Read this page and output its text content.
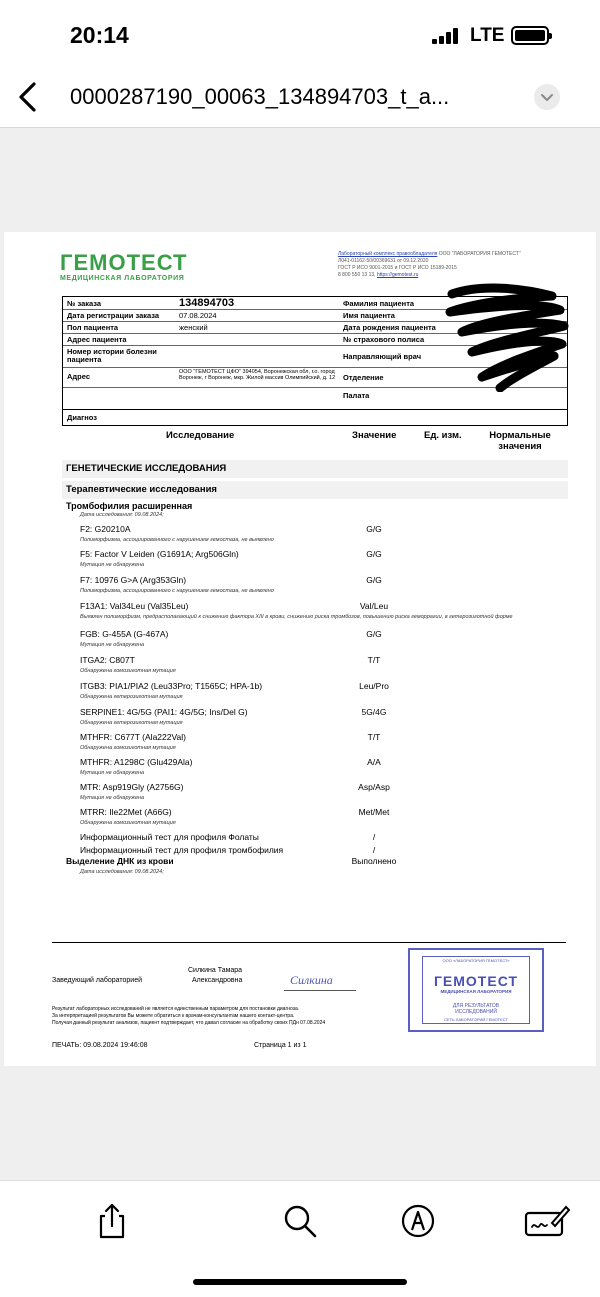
20:14	LTE
0000287190_00063_134894703_t_a...
ГЕМОТЕСТ
МЕДИЦИНСКАЯ ЛАБОРАТОРИЯ
Лабораторный комплекс правообладателя ООО "ЛАБОРАТОРИЯ ГЕМОТЕСТ"
Л041-01162-50/00369631 от 09.12.2020
ГОСТ Р ИСО 9001-2015 и ГОСТ Р ИСО 15189-2015
8 800 550 13 13, https://gemotest.ru
№ заказа	134894703
Дата регистрации заказа	07.08.2024
Пол пациента	женский
Адрес пациента
Номер истории болезни пациента
Адрес	ООО "ГЕМОТЕСТ ЦФО" 394054, Воронежская обл, г.о. город Воронеж, г Воронеж, мкр. Жилой массив Олимпийский, д. 12
Фамилия пациента
Имя пациента
Дата рождения пациента
№ страхового полиса
Направляющий врач
Отделение
Палата
Диагноз
Исследование	Значение	Ед. изм.	Нормальные значения
ГЕНЕТИЧЕСКИЕ ИССЛЕДОВАНИЯ
Терапевтические исследования
Тромбофилия расширенная
Дата исследования: 09.08.2024;
F2: G20210A	G/G
Полиморфизма, ассоциированного с нарушением гемостаза, не выявлено
F5: Factor V Leiden (G1691A; Arg506Gln)	G/G
Мутация не обнаружена
F7: 10976 G>A (Arg353Gln)	G/G
Полиморфизма, ассоциированного с нарушением гемостаза, не выявлено
F13A1: Val34Leu (Val35Leu)	Val/Leu
Выявлен полиморфизм, предрасполагающий к снижению фактора XIII в крови, снижению риска тромбозов, повышению риска геморрагии, в гетерозиготной форме
FGB: G-455A (G-467A)	G/G
Мутация не обнаружена
ITGA2: C807T	T/T
Обнаружена гомозиготная мутация
ITGB3: PIA1/PIA2 (Leu33Pro; T1565C; HPA-1b)	Leu/Pro
Обнаружена гетерозиготная мутация
SERPINE1: 4G/5G (PAI1: 4G/5G; Ins/Del G)	5G/4G
Обнаружена гетерозиготная мутация
MTHFR: C677T (Ala222Val)	T/T
Обнаружена гомозиготная мутация
MTHFR: A1298C (Glu429Ala)	A/A
Мутация не обнаружена
MTR: Asp919Gly (A2756G)	Asp/Asp
Мутация не обнаружена
MTRR: Ile22Met (A66G)	Met/Met
Обнаружена гомозиготная мутация
Информационный тест для профиля Фолаты	/
Информационный тест для профиля тромбофилия	/
Выделение ДНК из крови	Выполнено
Дата исследования: 09.08.2024;
Заведующий лабораторией
Силкина Тамара
Александровна	Силкина
Результат лабораторных исследований не является единственным параметром для постановки диагноза.
За интерпретацией результатов Вы можете обратиться к врачам-консультантам нашего контакт-центра.
Получая данный результат анализов, пациент подтверждает, что давал согласие на обработку своих ПДн 07.08.2024
ПЕЧАТЬ: 09.08.2024 19:46:08	Страница 1 из 1
ООО «ЛАБОРАТОРИЯ ГЕМОТЕСТ»
ГЕМОТЕСТ
МЕДИЦИНСКАЯ ЛАБОРАТОРИЯ
ДЛЯ РЕЗУЛЬТАТОВ
ИССЛЕДОВАНИЙ
СЕТЬ ЛАБОРАТОРИЙ ГЕМОТЕСТ
